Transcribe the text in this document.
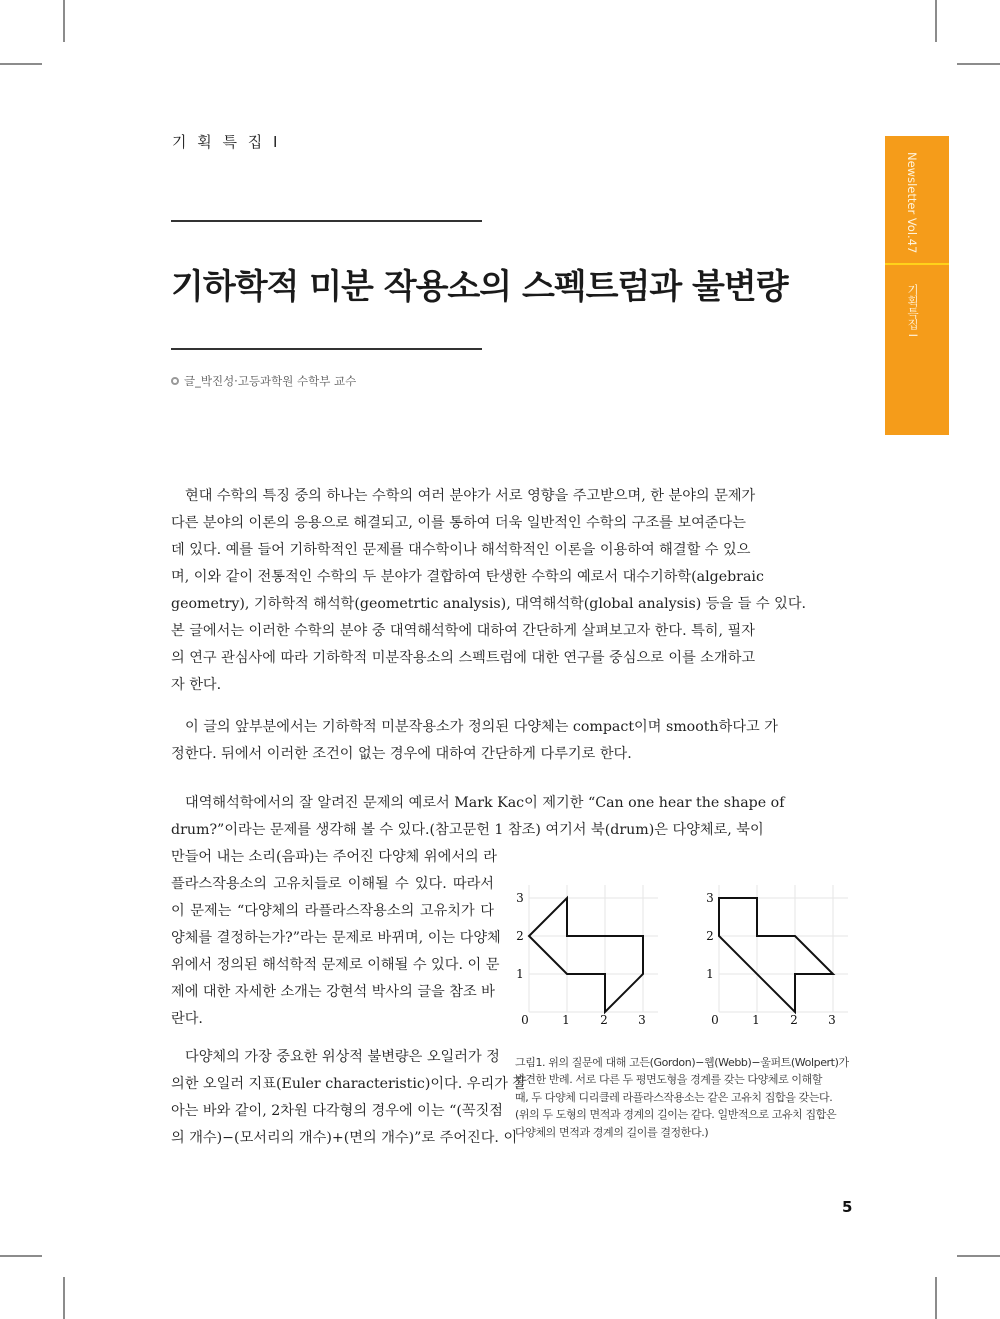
기 획 특 집 I
기하학적 미분 작용소의 스펙트럼과 불변량
글_박진성·고등과학원 수학부 교수
Newsletter Vol.47
기획특집 I
현대 수학의 특징 중의 하나는 수학의 여러 분야가 서로 영향을 주고받으며, 한 분야의 문제가
다른 분야의 이론의 응용으로 해결되고, 이를 통하여 더욱 일반적인 수학의 구조를 보여준다는
데 있다. 예를 들어 기하학적인 문제를 대수학이나 해석학적인 이론을 이용하여 해결할 수 있으
며, 이와 같이 전통적인 수학의 두 분야가 결합하여 탄생한 수학의 예로서 대수기하학(algebraic
geometry), 기하학적 해석학(geometrtic analysis), 대역해석학(global analysis) 등을 들 수 있다.
본 글에서는 이러한 수학의 분야 중 대역해석학에 대하여 간단하게 살펴보고자 한다. 특히, 필자
의 연구 관심사에 따라 기하학적 미분작용소의 스펙트럼에 대한 연구를 중심으로 이를 소개하고
자 한다.
이 글의 앞부분에서는 기하학적 미분작용소가 정의된 다양체는 compact이며 smooth하다고 가
정한다. 뒤에서 이러한 조건이 없는 경우에 대하여 간단하게 다루기로 한다.
대역해석학에서의 잘 알려진 문제의 예로서 Mark Kac이 제기한 “Can one hear the shape of
drum?”이라는 문제를 생각해 볼 수 있다.(참고문헌 1 참조) 여기서 북(drum)은 다양체로, 북이
만들어 내는 소리(음파)는 주어진 다양체 위에서의 라
플라스작용소의 고유치들로 이해될 수 있다. 따라서
이 문제는 “다양체의 라플라스작용소의 고유치가 다
양체를 결정하는가?”라는 문제로 바뀌며, 이는 다양체
위에서 정의된 해석학적 문제로 이해될 수 있다. 이 문
제에 대한 자세한 소개는 강현석 박사의 글을 참조 바
란다.
다양체의 가장 중요한 위상적 불변량은 오일러가 정
의한 오일러 지표(Euler characteristic)이다. 우리가 잘
아는 바와 같이, 2차원 다각형의 경우에 이는 “(꼭짓점
의 개수)−(모서리의 개수)+(면의 개수)”로 주어진다. 이
3
2
1
0	1	2	3
3
2
1
0	1	2	3
그림1. 위의 질문에 대해 고든(Gordon)−웹(Webb)−울퍼트(Wolpert)가
발견한 반례. 서로 다른 두 평면도형을 경계를 갖는 다양체로 이해할
때, 두 다양체 디리클레 라플라스작용소는 같은 고유치 집합을 갖는다.
(위의 두 도형의 면적과 경계의 길이는 같다. 일반적으로 고유치 집합은
다양체의 면적과 경계의 길이를 결정한다.)
5
